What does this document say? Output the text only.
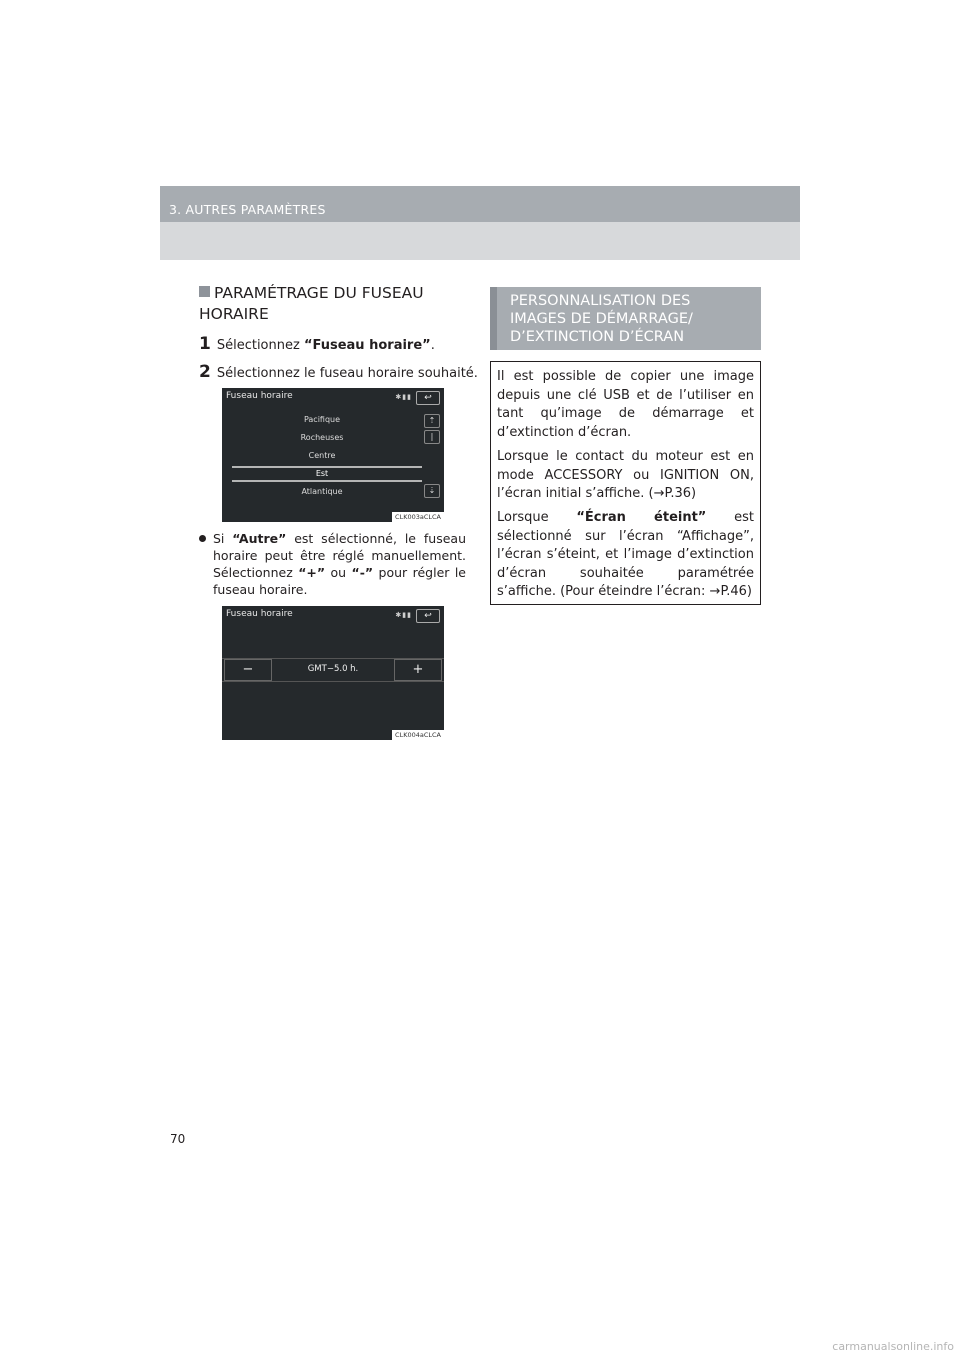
3. AUTRES PARAMÈTRES
PARAMÉTRAGE DU FUSEAU HORAIRE
1 Sélectionnez “Fuseau horaire”.
2 Sélectionnez le fuseau horaire souhaité.
Fuseau horaire	✱▮▮	↩
Pacifique
Rocheuses
Centre
Est
Atlantique
⇡
|
⇣
CLK003aCLCA
Si “Autre” est sélectionné, le fuseau horaire peut être réglé manuellement. Sélectionnez “+” ou “-” pour régler le fuseau horaire.
Fuseau horaire	✱▮▮	↩
−	GMT−5.0 h.	+
CLK004aCLCA
PERSONNALISATION DES IMAGES DE DÉMARRAGE/ D’EXTINCTION D’ÉCRAN
Il est possible de copier une image depuis une clé USB et de l’utiliser en tant qu’image de démarrage et d’extinction d’écran.
Lorsque le contact du moteur est en mode ACCESSORY ou IGNITION ON, l’écran initial s’affiche. (→P.36)
Lorsque “Écran éteint” est sélectionné sur l’écran “Affichage”, l’écran s’éteint, et l’image d’extinction d’écran souhaitée paramétrée s’affiche. (Pour éteindre l’écran: →P.46)
70
carmanualsonline.info
